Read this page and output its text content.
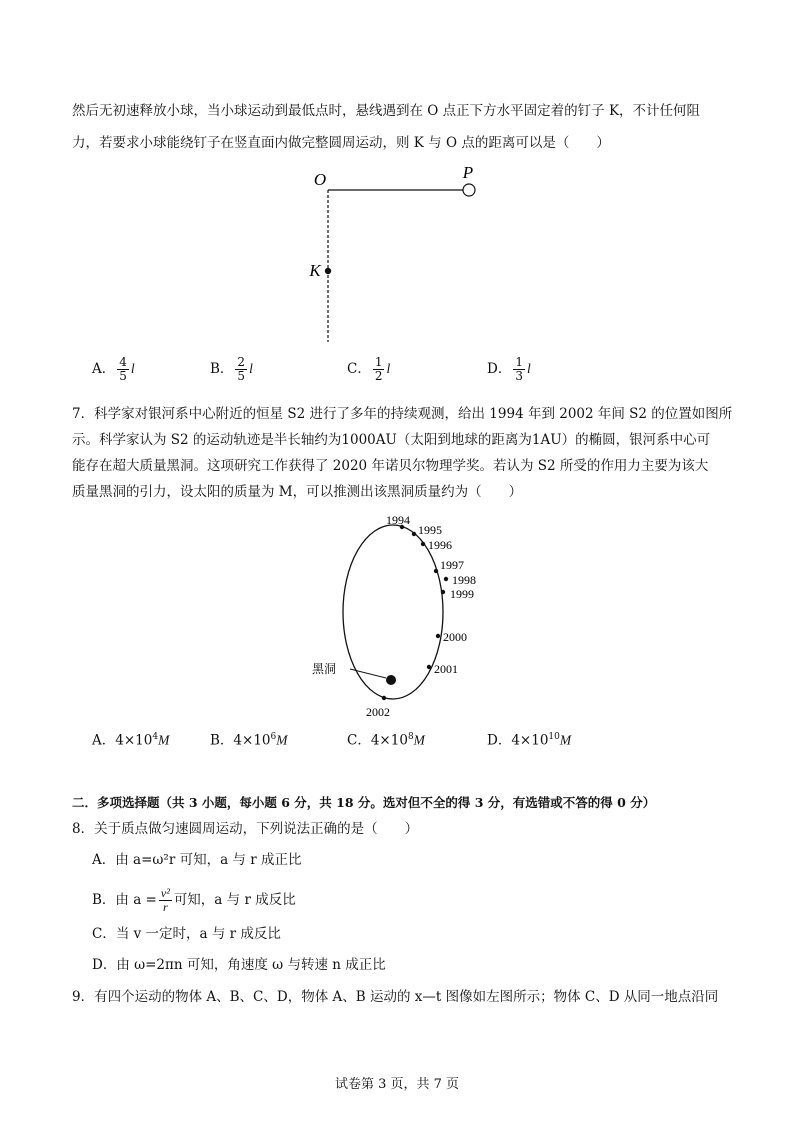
然后无初速释放小球，当小球运动到最低点时，悬线遇到在 O 点正下方水平固定着的钉子 K，不计任何阻
力，若要求小球能绕钉子在竖直面内做完整圆周运动，则 K 与 O 点的距离可以是（　　）
O	P
K
A． $\frac{4}{5}$ l	B． $\frac{2}{5}$ l	C． $\frac{1}{2}$ l	D． $\frac{1}{3}$ l
7．科学家对银河系中心附近的恒星 S2 进行了多年的持续观测，给出 1994 年到 2002 年间 S2 的位置如图所
示。科学家认为 S2 的运动轨迹是半长轴约为1000AU（太阳到地球的距离为1AU）的椭圆，银河系中心可
能存在超大质量黑洞。这项研究工作获得了 2020 年诺贝尔物理学奖。若认为 S2 所受的作用力主要为该大
质量黑洞的引力，设太阳的质量为 M，可以推测出该黑洞质量约为（　　）
黑洞
1994
1995
1996
1997
1998
1999
2000
2001
2002
A．$4\times 10^4M$	B．$4\times 10^6M$	C．$4\times 10^8M$	D．$4\times 10^{10}M$
二．多项选择题（共 3 小题，每小题 6 分，共 18 分。选对但不全的得 3 分，有选错或不答的得 0 分）
8．关于质点做匀速圆周运动，下列说法正确的是（　　）
A．由 a=ω²r 可知，a 与 r 成正比
B．由 $a = \frac{\text{v²}}{r}$ 可知，a 与 r 成反比
C．当 v 一定时，a 与 r 成反比
D．由 ω=2πn 可知，角速度 ω 与转速 n 成正比
9．有四个运动的物体 A、B、C、D，物体 A、B 运动的 x—t 图像如左图所示；物体 C、D 从同一地点沿同
试卷第 3 页，共 7 页
